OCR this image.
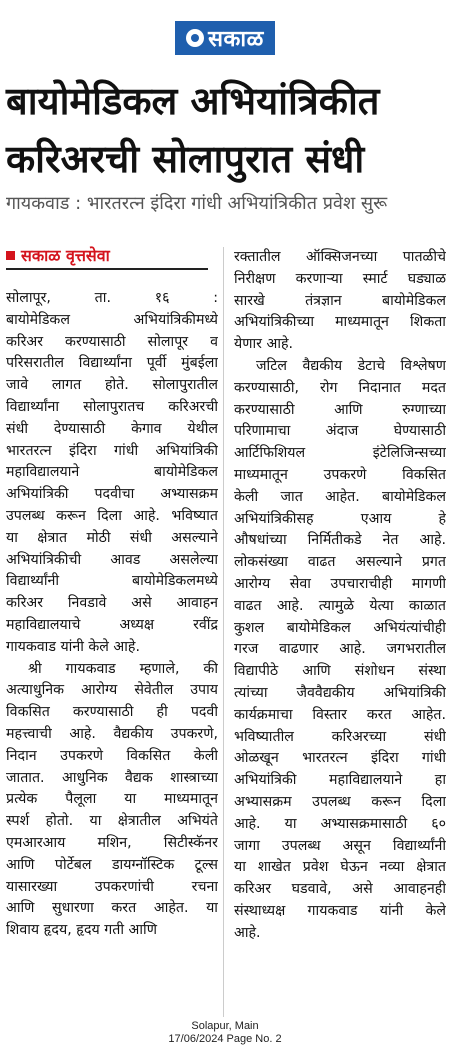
सकाळ
बायोमेडिकल अभियांत्रिकीत
करिअरची सोलापुरात संधी

गायकवाड : भारतरत्न इंदिरा गांधी अभियांत्रिकीत प्रवेश सुरू

सकाळ वृत्तसेवा
सोलापूर, ता. १६ :
बायोमेडिकल अभियांत्रिकीमध्ये
करिअर करण्यासाठी सोलापूर व
परिसरातील विद्यार्थ्यांना पूर्वी मुंबईला
जावे लागत होते. सोलापुरातील
विद्यार्थ्यांना सोलापुरातच करिअरची
संधी देण्यासाठी केगाव येथील
भारतरत्न इंदिरा गांधी अभियांत्रिकी
महाविद्यालयाने बायोमेडिकल
अभियांत्रिकी पदवीचा अभ्यासक्रम
उपलब्ध करून दिला आहे. भविष्यात
या क्षेत्रात मोठी संधी असल्याने
अभियांत्रिकीची आवड असलेल्या
विद्यार्थ्यांनी बायोमेडिकलमध्ये
करिअर निवडावे असे आवाहन
महाविद्यालयाचे अध्यक्ष रवींद्र
गायकवाड यांनी केले आहे.
श्री गायकवाड म्हणाले, की
अत्याधुनिक आरोग्य सेवेतील उपाय
विकसित करण्यासाठी ही पदवी
महत्त्वाची आहे. वैद्यकीय उपकरणे,
निदान उपकरणे विकसित केली
जातात. आधुनिक वैद्यक शास्त्राच्या
प्रत्येक पैलूला या माध्यमातून
स्पर्श होतो. या क्षेत्रातील अभियंते
एमआरआय मशिन, सिटीस्कॅनर
आणि पोर्टेबल डायग्नॉस्टिक टूल्स
यासारख्या उपकरणांची रचना
आणि सुधारणा करत आहेत. या
शिवाय हृदय, हृदय गती आणि
रक्तातील ऑक्सिजनच्या पातळीचे
निरीक्षण करणाऱ्या स्मार्ट घड्याळ
सारखे तंत्रज्ञान बायोमेडिकल
अभियांत्रिकीच्या माध्यमातून शिकता
येणार आहे.
जटिल वैद्यकीय डेटाचे विश्लेषण
करण्यासाठी, रोग निदानात मदत
करण्यासाठी आणि रुग्णाच्या
परिणामाचा अंदाज घेण्यासाठी
आर्टिफिशियल इंटेलिजिन्सच्या
माध्यमातून उपकरणे विकसित
केली जात आहेत. बायोमेडिकल
अभियांत्रिकीसह एआय हे
औषधांच्या निर्मितीकडे नेत आहे.
लोकसंख्या वाढत असल्याने प्रगत
आरोग्य सेवा उपचाराचीही मागणी
वाढत आहे. त्यामुळे येत्या काळात
कुशल बायोमेडिकल अभियंत्यांचीही
गरज वाढणार आहे. जगभरातील
विद्यापीठे आणि संशोधन संस्था
त्यांच्या जैववैद्यकीय अभियांत्रिकी
कार्यक्रमाचा विस्तार करत आहेत.
भविष्यातील करिअरच्या संधी
ओळखून भारतरत्न इंदिरा गांधी
अभियांत्रिकी महाविद्यालयाने हा
अभ्यासक्रम उपलब्ध करून दिला
आहे. या अभ्यासक्रमासाठी ६०
जागा उपलब्ध असून विद्यार्थ्यांनी
या शाखेत प्रवेश घेऊन नव्या क्षेत्रात
करिअर घडवावे, असे आवाहनही
संस्थाध्यक्ष गायकवाड यांनी केले
आहे.
Solapur, Main
17/06/2024 Page No. 2
